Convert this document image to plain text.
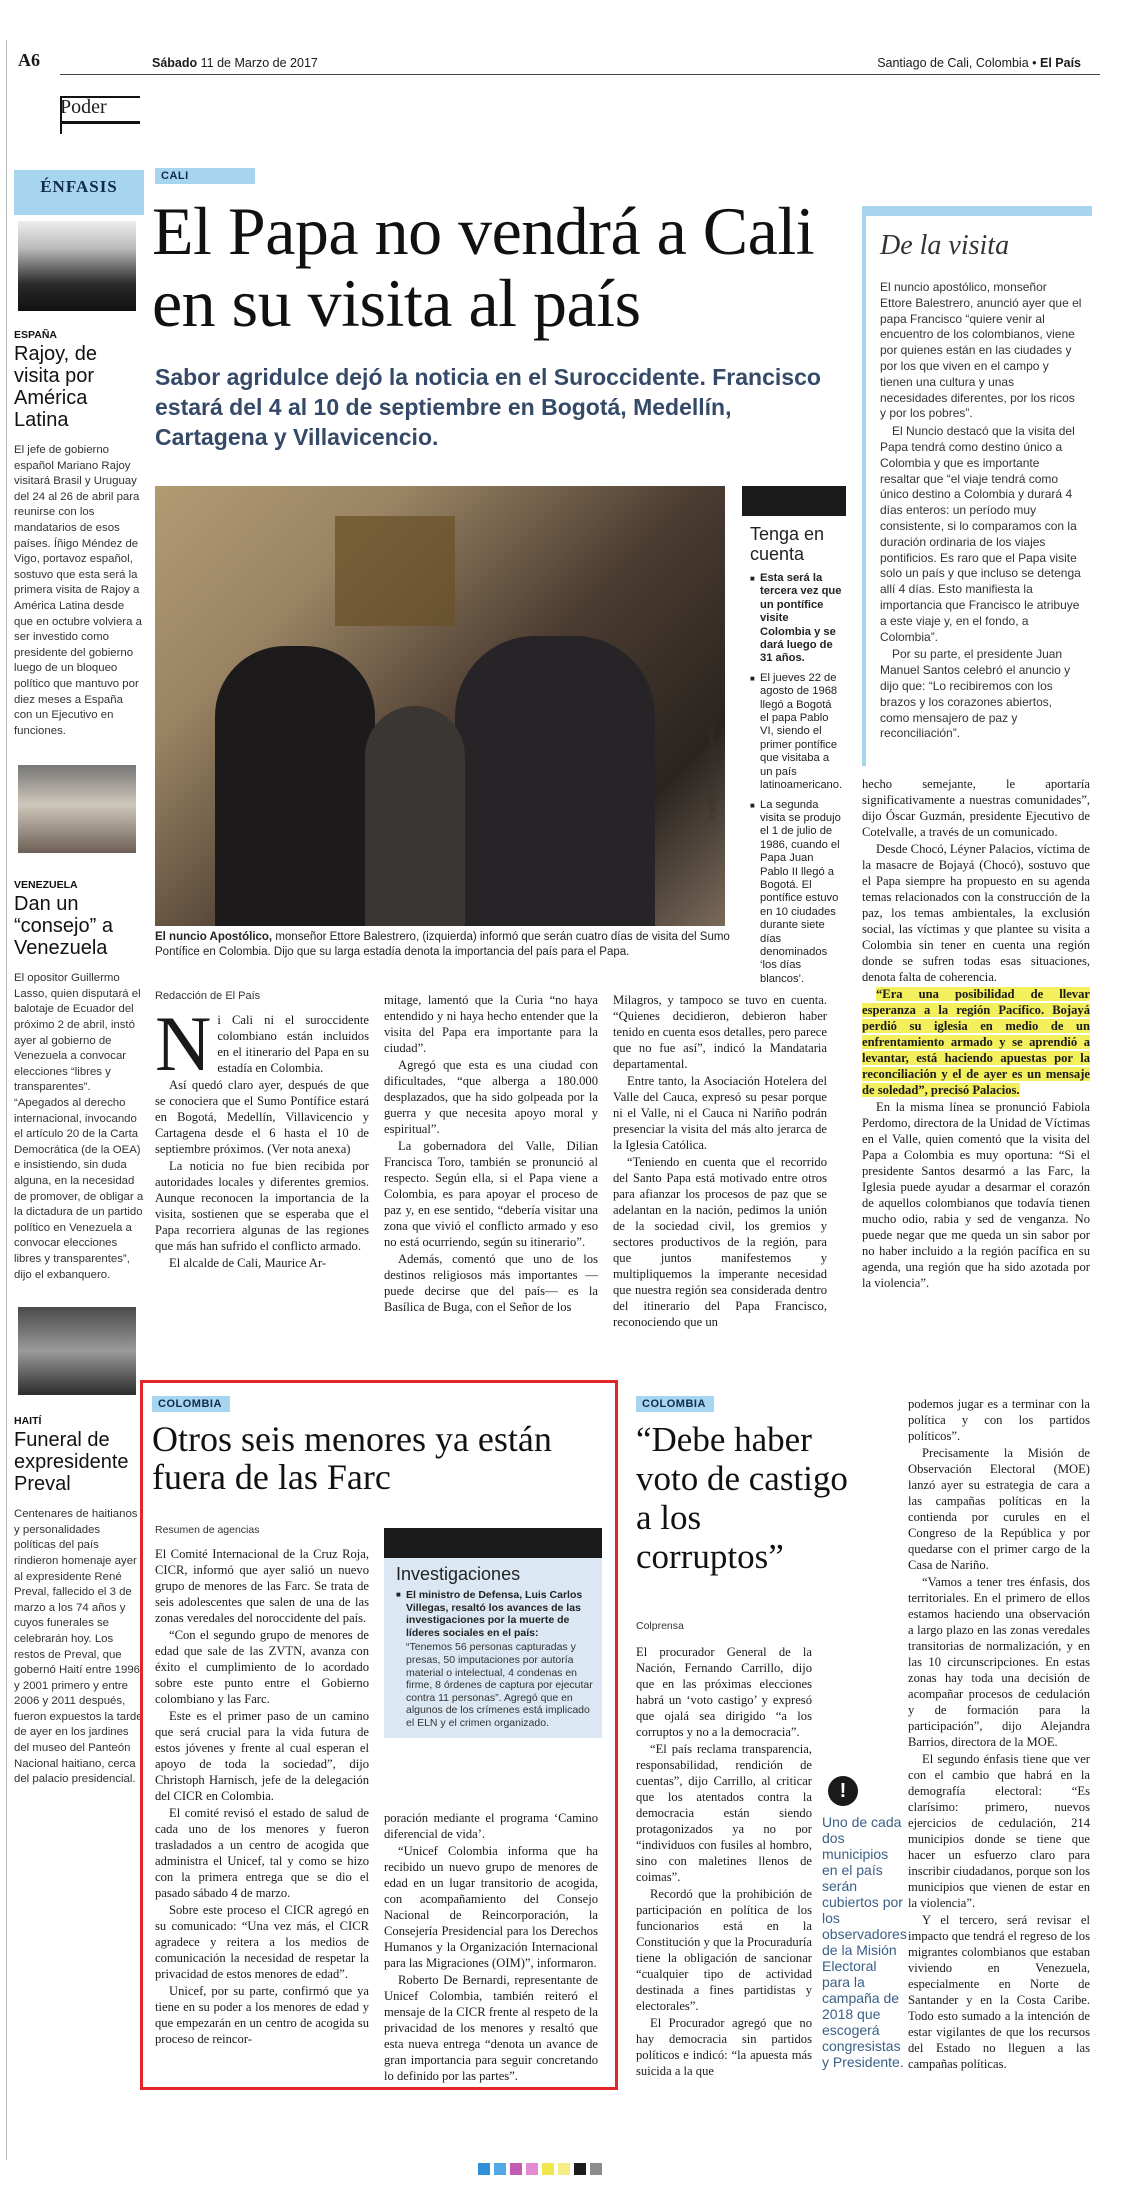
A6	Sábado 11 de Marzo de 2017	Santiago de Cali, Colombia • El País
Poder
ÉNFASIS
ESPAÑA
Rajoy, de visita por América Latina
El jefe de gobierno español Mariano Rajoy visitará Brasil y Uruguay del 24 al 26 de abril para reunirse con los mandatarios de esos países. Íñigo Méndez de Vigo, portavoz español, sostuvo que esta será la primera visita de Rajoy a América Latina desde que en octubre volviera a ser investido como presidente del gobierno luego de un bloqueo político que mantuvo por diez meses a España con un Ejecutivo en funciones.
VENEZUELA
Dan un “consejo” a Venezuela
El opositor Guillermo Lasso, quien disputará el balotaje de Ecuador del próximo 2 de abril, instó ayer al gobierno de Venezuela a convocar elecciones “libres y transparentes”. “Apegados al derecho internacional, invocando el artículo 20 de la Carta Democrática (de la OEA) e insistiendo, sin duda alguna, en la necesidad de promover, de obligar a la dictadura de un partido político en Venezuela a convocar elecciones libres y transparentes”, dijo el exbanquero.
HAITÍ
Funeral de expresidente Preval
Centenares de haitianos y personalidades políticas del país rindieron homenaje ayer al expresidente René Preval, fallecido el 3 de marzo a los 74 años y cuyos funerales se celebrarán hoy. Los restos de Preval, que gobernó Haití entre 1996 y 2001 primero y entre 2006 y 2011 después, fueron expuestos la tarde de ayer en los jardines del museo del Panteón Nacional haitiano, cerca del palacio presidencial.
CALI
El Papa no vendrá a Cali en su visita al país
Sabor agridulce dejó la noticia en el Suroccidente. Francisco estará del 4 al 10 de septiembre en Bogotá, Medellín, Cartagena y Villavicencio.
ESPECIAL PARA EL PAÍS
El nuncio Apostólico, monseñor Ettore Balestrero, (izquierda) informó que serán cuatro días de visita del Sumo Pontífice en Colombia. Dijo que su larga estadía denota la importancia del país para el Papa.
Tenga en cuenta
■ Esta será la tercera vez que un pontífice visite Colombia y se dará luego de 31 años.
■ El jueves 22 de agosto de 1968 llegó a Bogotá el papa Pablo VI, siendo el primer pontífice que visitaba a un país latinoamericano.
■ La segunda visita se produjo el 1 de julio de 1986, cuando el Papa Juan Pablo II llegó a Bogotá. El pontífice estuvo en 10 ciudades durante siete días denominados ‘los días blancos’.
De la visita

El nuncio apostólico, monseñor Ettore Balestrero, anunció ayer que el papa Francisco “quiere venir al encuentro de los colombianos, viene por quienes están en las ciudades y por los que viven en el campo y tienen una cultura y unas necesidades diferentes, por los ricos y por los pobres”.

El Nuncio destacó que la visita del Papa tendrá como destino único a Colombia y que es importante resaltar que “el viaje tendrá como único destino a Colombia y durará 4 días enteros: un período muy consistente, si lo comparamos con la duración ordinaria de los viajes pontificios. Es raro que el Papa visite solo un país y que incluso se detenga allí 4 días. Esto manifiesta la importancia que Francisco le atribuye a este viaje y, en el fondo, a Colombia”.

Por su parte, el presidente Juan Manuel Santos celebró el anuncio y dijo que: “Lo recibiremos con los brazos y los corazones abiertos, como mensajero de paz y reconciliación”.

Redacción de El País
N i Cali ni el suroccidente colombiano están incluidos en el itinerario del Papa en su estadía en Colombia.

Así quedó claro ayer, después de que se conociera que el Sumo Pontífice estará en Bogotá, Medellín, Villavicencio y Cartagena desde el 6 hasta el 10 de septiembre próximos. (Ver nota anexa)

La noticia no fue bien recibida por autoridades locales y diferentes gremios. Aunque reconocen la importancia de la visita, sostienen que se esperaba que el Papa recorriera algunas de las regiones que más han sufrido el conflicto armado.

El alcalde de Cali, Maurice Ar-

mitage, lamentó que la Curia “no haya entendido y ni haya hecho entender que la visita del Papa era importante para la ciudad”.

Agregó que esta es una ciudad con dificultades, “que alberga a 180.000 desplazados, que ha sido golpeada por la guerra y que necesita apoyo moral y espiritual”.

La gobernadora del Valle, Dilian Francisca Toro, también se pronunció al respecto. Según ella, si el Papa viene a Colombia, es para apoyar el proceso de paz y, en ese sentido, “debería visitar una zona que vivió el conflicto armado y eso no está ocurriendo, según su itinerario”.

Además, comentó que uno de los destinos religiosos más importantes —puede decirse que del país— es la Basílica de Buga, con el Señor de los

Milagros, y tampoco se tuvo en cuenta. “Quienes decidieron, debieron haber tenido en cuenta esos detalles, pero parece que no fue así”, indicó la Mandataria departamental.

Entre tanto, la Asociación Hotelera del Valle del Cauca, expresó su pesar porque ni el Valle, ni el Cauca ni Nariño podrán presenciar la visita del más alto jerarca de la Iglesia Católica.

“Teniendo en cuenta que el recorrido del Santo Papa está motivado entre otros para afianzar los procesos de paz que se adelantan en la nación, pedimos la unión de la sociedad civil, los gremios y sectores productivos de la región, para que juntos manifestemos y multipliquemos la imperante necesidad que nuestra región sea considerada dentro del itinerario del Papa Francisco, reconociendo que un

hecho semejante, le aportaría significativamente a nuestras comunidades”, dijo Óscar Guzmán, presidente Ejecutivo de Cotelvalle, a través de un comunicado.

Desde Chocó, Léyner Palacios, víctima de la masacre de Bojayá (Chocó), sostuvo que el Papa siempre ha propuesto en su agenda temas relacionados con la construcción de la paz, los temas ambientales, la exclusión social, las víctimas y que plantee su visita a Colombia sin tener en cuenta una región donde se sufren todas esas situaciones, denota falta de coherencia.

“Era una posibilidad de llevar esperanza a la región Pacífico. Bojayá perdió su iglesia en medio de un enfrentamiento armado y se aprendió a levantar, está haciendo apuestas por la reconciliación y el de ayer es un mensaje de soledad”, precisó Palacios.

En la misma línea se pronunció Fabiola Perdomo, directora de la Unidad de Víctimas en el Valle, quien comentó que la visita del Papa a Colombia es muy oportuna: “Si el presidente Santos desarmó a las Farc, la Iglesia puede ayudar a desarmar el corazón de aquellos colombianos que todavía tienen mucho odio, rabia y sed de venganza. No puede negar que me queda un sin sabor por no haber incluido a la región pacífica en su agenda, una región que ha sido azotada por la violencia”.

COLOMBIA
Otros seis menores ya están fuera de las Farc
Resumen de agencias

El Comité Internacional de la Cruz Roja, CICR, informó que ayer salió un nuevo grupo de menores de las Farc. Se trata de seis adolescentes que salen de una de las zonas veredales del noroccidente del país.

“Con el segundo grupo de menores de edad que sale de las ZVTN, avanza con éxito el cumplimiento de lo acordado sobre este punto entre el Gobierno colombiano y las Farc.

Este es el primer paso de un camino que será crucial para la vida futura de estos jóvenes y frente al cual esperan el apoyo de toda la sociedad”, dijo Christoph Harnisch, jefe de la delegación del CICR en Colombia.

El comité revisó el estado de salud de cada uno de los menores y fueron trasladados a un centro de acogida que administra el Unicef, tal y como se hizo con la primera entrega que se dio el pasado sábado 4 de marzo.

Sobre este proceso el CICR agregó en su comunicado: “Una vez más, el CICR agradece y reitera a los medios de comunicación la necesidad de respetar la privacidad de estos menores de edad”.

Unicef, por su parte, confirmó que ya tiene en su poder a los menores de edad y que empezarán en un centro de acogida su proceso de reincor-

Investigaciones
■ El ministro de Defensa, Luis Carlos Villegas, resaltó los avances de las investigaciones por la muerte de líderes sociales en el país:
“Tenemos 56 personas capturadas y presas, 50 imputaciones por autoría material o intelectual, 4 condenas en firme, 8 órdenes de captura por ejecutar contra 11 personas”. Agregó que en algunos de los crímenes está implicado el ELN y el crimen organizado.

poración mediante el programa ‘Camino diferencial de vida’.

“Unicef Colombia informa que ha recibido un nuevo grupo de menores de edad en un lugar transitorio de acogida, con acompañamiento del Consejo Nacional de Reincorporación, la Consejería Presidencial para los Derechos Humanos y la Organización Internacional para las Migraciones (OIM)”, informaron.

Roberto De Bernardi, representante de Unicef Colombia, también reiteró el mensaje de la CICR frente al respeto de la privacidad de los menores y resaltó que esta nueva entrega “denota un avance de gran importancia para seguir concretando lo definido por las partes”.

COLOMBIA
“Debe haber voto de castigo a los corruptos”
Colprensa

El procurador General de la Nación, Fernando Carrillo, dijo que en las próximas elecciones habrá un ‘voto castigo’ y expresó que ojalá sea dirigido “a los corruptos y no a la democracia”.

“El país reclama transparencia, responsabilidad, rendición de cuentas”, dijo Carrillo, al criticar que los atentados contra la democracia están siendo protagonizados ya no por “individuos con fusiles al hombro, sino con maletines llenos de coimas”.

Recordó que la prohibición de participación en política de los funcionarios está en la Constitución y que la Procuraduría tiene la obligación de sancionar “cualquier tipo de actividad destinada a fines partidistas y electorales”.

El Procurador agregó que no hay democracia sin partidos políticos e indicó: “la apuesta más suicida a la que

!
Uno de cada dos municipios en el país serán cubiertos por los observadores de la Misión Electoral para la campaña de 2018 que escogerá congresistas y Presidente.

podemos jugar es a terminar con la política y con los partidos políticos”.

Precisamente la Misión de Observación Electoral (MOE) lanzó ayer su estrategia de cara a las campañas políticas en la contienda por curules en el Congreso de la República y por quedarse con el primer cargo de la Casa de Nariño.

“Vamos a tener tres énfasis, dos territoriales. En el primero de ellos estamos haciendo una observación a largo plazo en las zonas veredales transitorias de normalización, y en las 10 circunscripciones. En estas zonas hay toda una decisión de acompañar procesos de cedulación y de formación para la participación”, dijo Alejandra Barrios, directora de la MOE.

El segundo énfasis tiene que ver con el cambio que habrá en la demografía electoral: “Es clarísimo: primero, nuevos ejercicios de cedulación, 214 municipios donde se tiene que hacer un esfuerzo claro para inscribir ciudadanos, porque son los municipios que vienen de estar en la violencia”.

Y el tercero, será revisar el impacto que tendrá el regreso de los migrantes colombianos que estaban viviendo en Venezuela, especialmente en Norte de Santander y en la Costa Caribe. Todo esto sumado a la intención de estar vigilantes de que los recursos del Estado no lleguen a las campañas políticas.
